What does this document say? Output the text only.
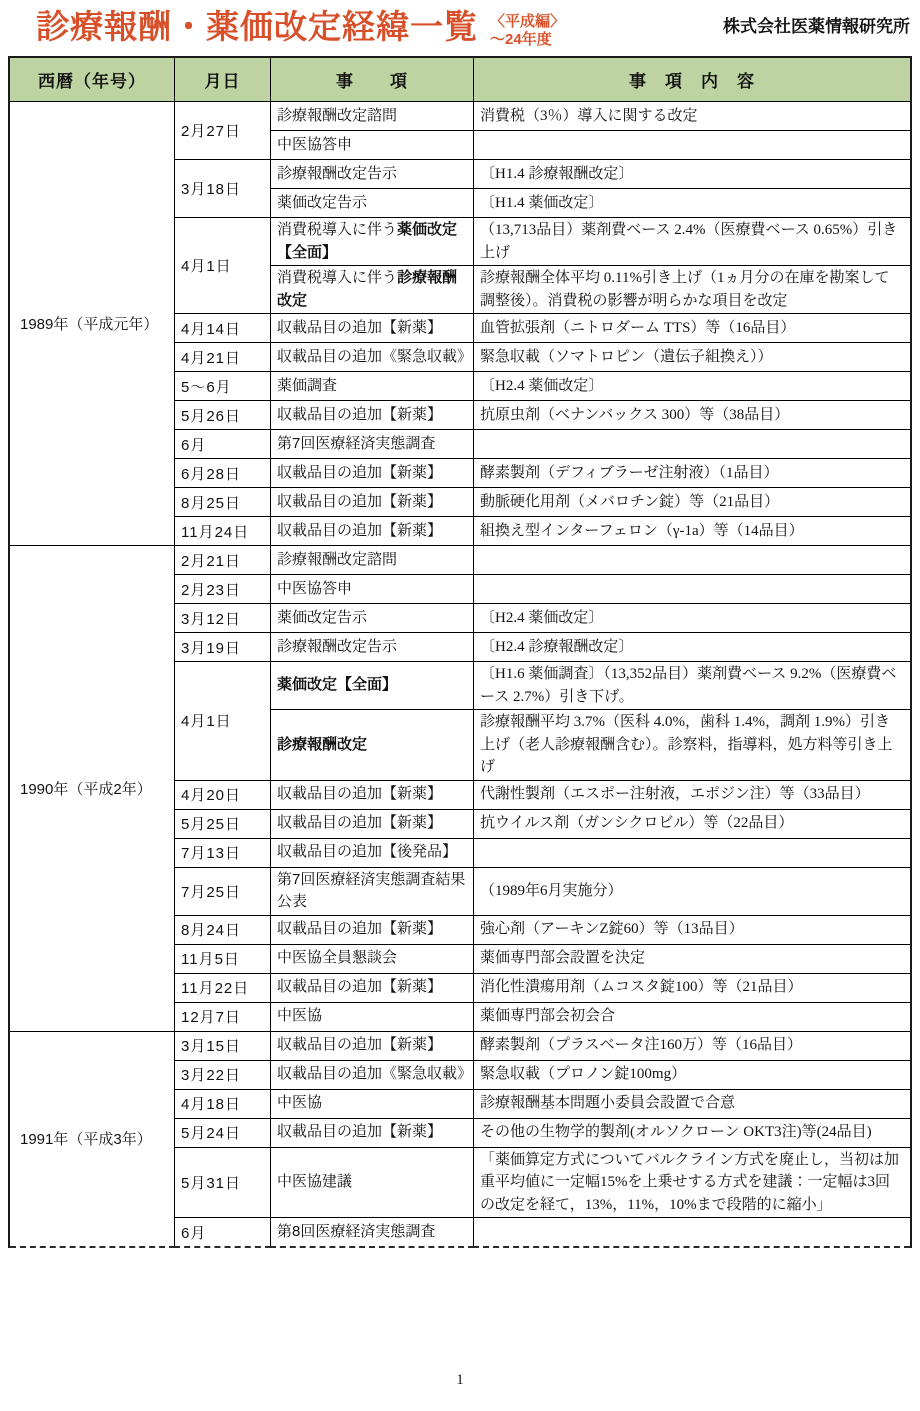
診療報酬・薬価改定経緯一覧 〈平成編〉
～24年度
株式会社医薬情報研究所
西暦（年号）	月日	事　　項	事　項　内　容
1989年（平成元年）	2月27日	診療報酬改定諮問	消費税（3％）導入に関する改定
		中医協答申	
	3月18日	診療報酬改定告示	〔H1.4 診療報酬改定〕
		薬価改定告示	〔H1.4 薬価改定〕
	4月1日	消費税導入に伴う薬価改定【全面】	（13,713品目）薬剤費ベース 2.4%（医療費ベース 0.65%）引き上げ
		消費税導入に伴う診療報酬改定	診療報酬全体平均 0.11%引き上げ（1ヵ月分の在庫を勘案して調整後）。消費税の影響が明らかな項目を改定
	4月14日	収載品目の追加【新薬】	血管拡張剤（ニトロダーム TTS）等（16品目）
	4月21日	収載品目の追加《緊急収載》	緊急収載（ソマトロピン（遺伝子組換え））
	5～6月	薬価調査	〔H2.4 薬価改定〕
	5月26日	収載品目の追加【新薬】	抗原虫剤（ベナンバックス 300）等（38品目）
	6月	第7回医療経済実態調査	
	6月28日	収載品目の追加【新薬】	酵素製剤（デフィブラーゼ注射液）（1品目）
	8月25日	収載品目の追加【新薬】	動脈硬化用剤（メバロチン錠）等（21品目）
	11月24日	収載品目の追加【新薬】	組換え型インターフェロン（γ-1a）等（14品目）
1990年（平成2年）	2月21日	診療報酬改定諮問	
	2月23日	中医協答申	
	3月12日	薬価改定告示	〔H2.4 薬価改定〕
	3月19日	診療報酬改定告示	〔H2.4 診療報酬改定〕
	4月1日	薬価改定【全面】	〔H1.6 薬価調査〕（13,352品目）薬剤費ベース 9.2%（医療費ベース 2.7%）引き下げ。
		診療報酬改定	診療報酬平均 3.7%（医科 4.0%，歯科 1.4%，調剤 1.9%）引き上げ（老人診療報酬含む）。診察料，指導料，処方料等引き上げ
	4月20日	収載品目の追加【新薬】	代謝性製剤（エスポー注射液，エポジン注）等（33品目）
	5月25日	収載品目の追加【新薬】	抗ウイルス剤（ガンシクロビル）等（22品目）
	7月13日	収載品目の追加【後発品】	
	7月25日	第7回医療経済実態調査結果公表	（1989年6月実施分）
	8月24日	収載品目の追加【新薬】	強心剤（アーキンZ錠60）等（13品目）
	11月5日	中医協全員懇談会	薬価専門部会設置を決定
	11月22日	収載品目の追加【新薬】	消化性潰瘍用剤（ムコスタ錠100）等（21品目）
	12月7日	中医協	薬価専門部会初会合
1991年（平成3年）	3月15日	収載品目の追加【新薬】	酵素製剤（プラスベータ注160万）等（16品目）
	3月22日	収載品目の追加《緊急収載》	緊急収載（プロノン錠100mg）
	4月18日	中医協	診療報酬基本問題小委員会設置で合意
	5月24日	収載品目の追加【新薬】	その他の生物学的製剤(オルソクローン OKT3注)等(24品目)
	5月31日	中医協建議	「薬価算定方式についてバルクライン方式を廃止し，当初は加重平均値に一定幅15%を上乗せする方式を建議：一定幅は3回の改定を経て，13%，11%，10%まで段階的に縮小」
	6月	第8回医療経済実態調査	
1
